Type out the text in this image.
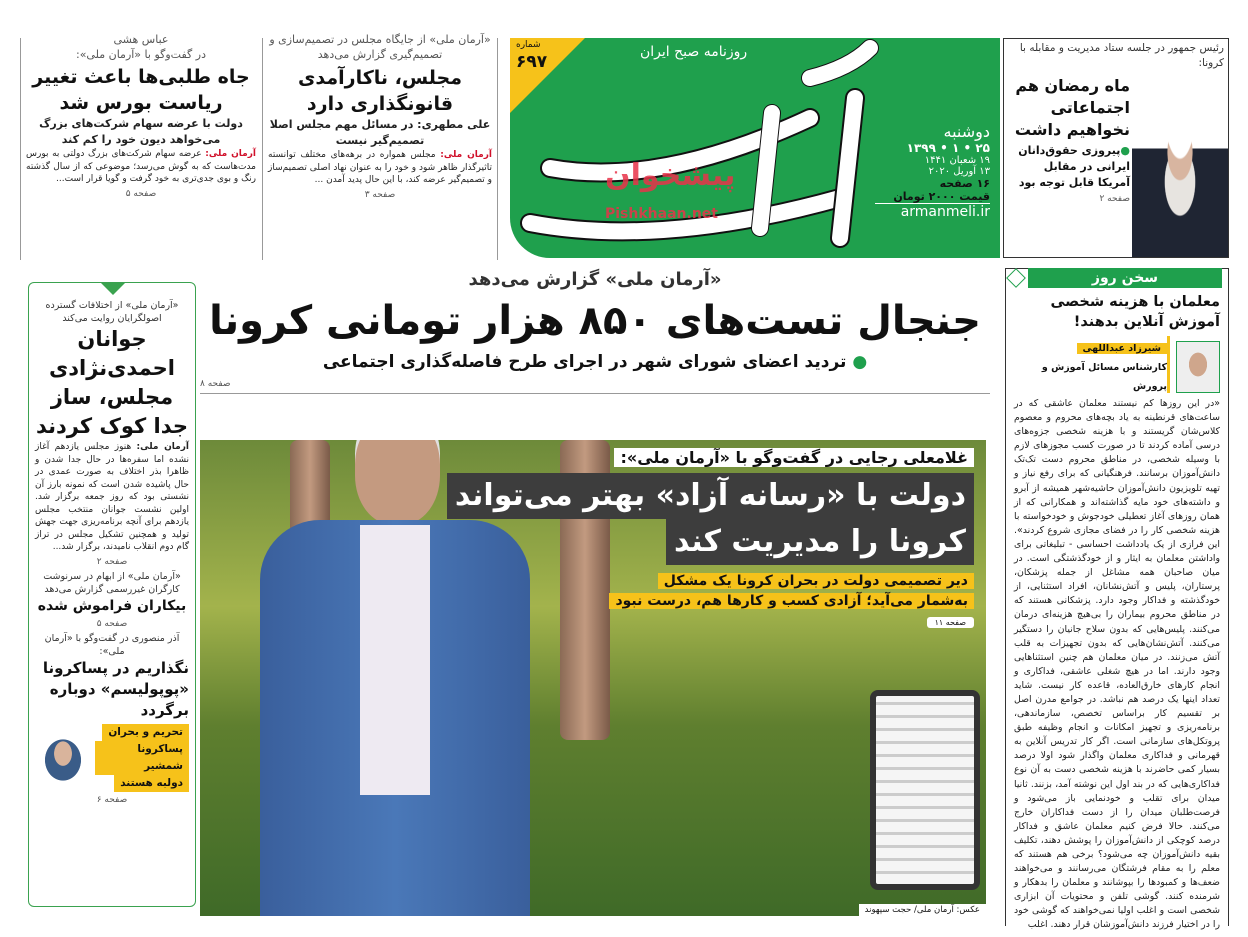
عباس هشی
در گفت‌وگو با «آرمان ملی»:
جاه طلبی‌ها باعث تغییر ریاست بورس شد
دولت با عرضه سهام شرکت‌های بزرگ می‌خواهد دیون خود را کم کند
آرمان ملی: عرضه سهام شرکت‌های بزرگ دولتی به بورس مدت‌هاست که به گوش می‌رسد؛ موضوعی که از سال گذشته رنگ و بوی جدی‌تری به خود گرفت و گویا قرار است...
صفحه ۵
«آرمان ملی» از جایگاه مجلس در تصمیم‌سازی و تصمیم‌گیری گزارش می‌دهد
مجلس، ناکارآمدی قانونگذاری دارد
علی مطهری: در مسائل مهم مجلس اصلا تصمیم‌گیر نیست
آرمان ملی: مجلس همواره در برهه‌های مختلف توانسته تاثیرگذار ظاهر شود و خود را به عنوان نهاد اصلی تصمیم‌ساز و تصمیم‌گیر عرضه کند، با این حال پدید آمدن ...
صفحه ۳
شماره
۶۹۷	روزنامه صبح ایران
پیشخوان
Pishkhaan.net
دوشنبه
۲۵ • ۱ • ۱۳۹۹
۱۹ شعبان ۱۴۴۱
۱۳ آوریل ۲۰۲۰
۱۶ صفحه
قیمت ۲۰۰۰ تومان
armanmeli.ir
رئیس جمهور در جلسه ستاد مدیریت و مقابله با کرونا:
ماه رمضان هم اجتماعاتی نخواهیم داشت
●پیروزی حقوق‌دانان ایرانی در مقابل آمریکا قابل توجه بود
صفحه ۲
«آرمان ملی» گزارش می‌دهد
جنجال تست‌های ۸۵۰ هزار تومانی کرونا
● تردید اعضای شورای شهر در اجرای طرح فاصله‌گذاری اجتماعی
صفحه ۸
غلامعلی رجایی در گفت‌وگو با «آرمان ملی»:
دولت با «رسانه آزاد» بهتر می‌تواند
کرونا را مدیریت کند
دیر تصمیمی دولت در بحران کرونا یک مشکل
به‌شمار می‌آید؛ آزادی کسب و کارها هم، درست نبود
صفحه ۱۱
عکس: آرمان ملی/ حجت سپهوند
«آرمان ملی» از اختلافات گسترده اصولگرایان روایت می‌کند
جوانان احمدی‌نژادی مجلس، ساز جدا کوک کردند
آرمان ملی: هنوز مجلس یازدهم آغاز نشده اما سفره‌ها در حال جدا شدن و ظاهرا بذر اختلاف به صورت عمدی در حال پاشیده شدن است که نمونه بارز آن نشستی بود که روز جمعه برگزار شد. اولین نشست جوانان منتخب مجلس یازدهم برای آنچه برنامه‌ریزی جهت جهش تولید و همچنین تشکیل مجلس در تراز گام دوم انقلاب نامیدند، برگزار شد...
صفحه ۲
«آرمان ملی» از ابهام در سرنوشت کارگران غیررسمی گزارش می‌دهد
بیکاران فراموش شده
صفحه ۵
آذر منصوری در گفت‌وگو با «آرمان ملی»:
نگذاریم در پساکرونا «پوپولیسم» دوباره برگردد
تحریم و بحران
پساکرونا شمشیر
دولبه هستند
صفحه ۶
سخن روز
معلمان با هزینه شخصی آموزش آنلاین بدهند!
شیرزاد عبداللهی
کارشناس مسائل آموزش و پرورش
«در این روزها کم نیستند معلمان عاشقی که در ساعت‌های قرنطینه به یاد بچه‌های محروم و معصوم کلاس‌شان گریستند و با هزینه شخصی جزوه‌های درسی آماده کردند تا در صورت کسب مجوزهای لازم با وسیله شخصی، در مناطق محروم دست تک‌تک دانش‌آموزان برسانند. فرهنگیانی که برای رفع نیاز و تهیه تلویزیون دانش‌آموزان حاشیه‌شهر همیشه از آبرو و داشته‌های خود مایه گذاشته‌اند و همکارانی که از همان روزهای آغاز تعطیلی خودجوش و خودخواسته با هزینه شخصی کار را در فضای مجازی شروع کردند». این فرازی از یک یادداشت احساسی - تبلیغاتی برای واداشتن معلمان به ایثار و از خودگذشتگی است. در میان صاحبان همه مشاغل از جمله پزشکان، پرستاران، پلیس و آتش‌نشانان، افراد استثنایی، از خودگذشته و فداکار وجود دارد. پزشکانی هستند که در مناطق محروم بیماران را بی‌هیچ هزینه‌ای درمان می‌کنند. پلیس‌هایی که بدون سلاح جانیان را دستگیر می‌کنند. آتش‌نشان‌هایی که بدون تجهیزات به قلب آتش می‌زنند. در میان معلمان هم چنین استثناهایی وجود دارند. اما در هیچ شغلی عاشقی، فداکاری و انجام کارهای خارق‌العاده، قاعده کار نیست. شاید تعداد اینها یک درصد هم نباشد. در جوامع مدرن اصل بر تقسیم کار براساس تخصص، سازماندهی، برنامه‌ریزی و تجهیز امکانات و انجام وظیفه طبق پروتکل‌های سازمانی است. اگر کار تدریس آنلاین به قهرمانی و فداکاری معلمان واگذار شود اولا درصد بسیار کمی حاضرند با هزینه شخصی دست به آن نوع فداکاری‌هایی که در بند اول این نوشته آمد، بزنند. ثانیا میدان برای تقلب و خودنمایی باز می‌شود و فرصت‌طلبان میدان را از دست فداکاران خارج می‌کنند. حالا فرض کنیم معلمان عاشق و فداکار درصد کوچکی از دانش‌آموزان را پوشش دهند، تکلیف بقیه دانش‌آموزان چه می‌شود؟ برخی هم هستند که معلم را به مقام فرشتگان می‌رسانند و می‌خواهند ضعف‌ها و کمبودها را بپوشانند و معلمان را بدهکار و شرمنده کنند. گوشی تلفن و محتویات آن ابزاری شخصی است و اغلب اولیا نمی‌خواهند که گوشی خود را در اختیار فرزند دانش‌آموزشان قرار دهند. اغلب
